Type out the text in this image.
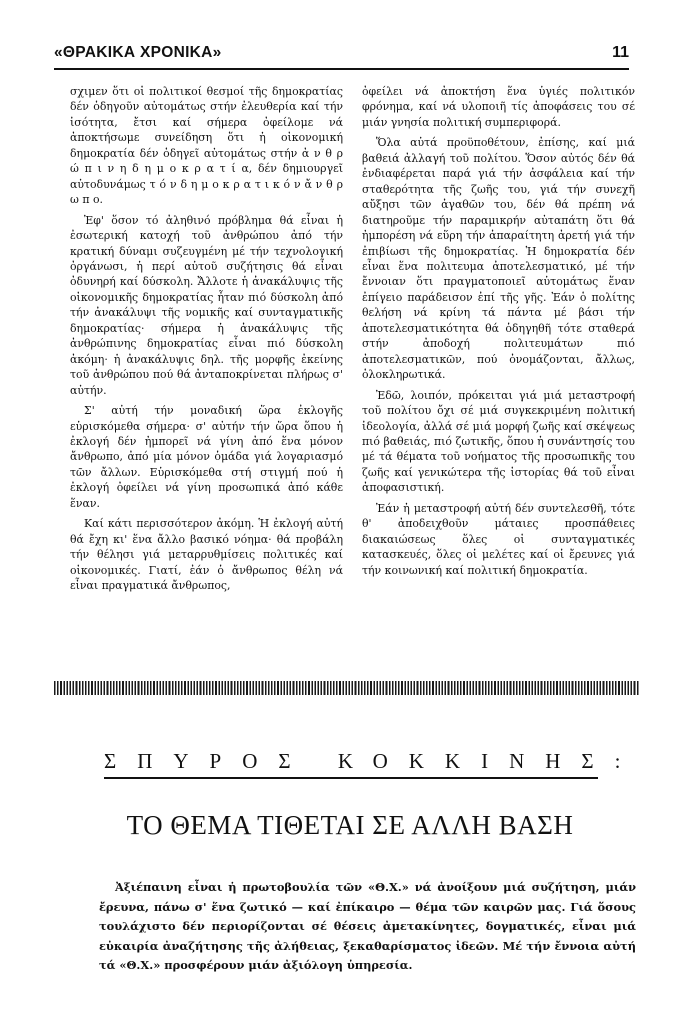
«ΘΡΑΚΙΚΑ ΧΡΟΝΙΚΑ»	11

σχιμεν ὅτι οἱ πολιτικοί θεσμοί τῆς δημοκρατίας δέν ὁδηγοῦν αὐτομάτως στήν ἐλευθερία καί τήν ἰσότητα, ἔτσι καί σήμερα ὀφείλομε νά ἀποκτήσωμε συνείδηση ὅτι ἡ οἰκονομική δημοκρατία δέν ὁδηγεῖ αὐτομάτως στήν ἀ ν θ ρ ώ π ι ν η δ η μ ο κ ρ α τ ί α, δέν δημιουργεῖ αὐτοδυνάμως τ ό ν δ η μ ο κ ρ α τ ι κ ό ν ἄ ν θ ρ ω π ο.

Ἐφ' ὅσον τό ἀληθινό πρόβλημα θά εἶναι ἡ ἐσωτερική κατοχή τοῦ ἀνθρώπου ἀπό τήν κρατική δύναμι συζευγμένη μέ τήν τεχνολογική ὀργάνωσι, ἡ περί αὐτοῦ συζήτησις θά εἶναι ὀδυνηρή καί δύσκολη. Ἄλλοτε ἡ ἀνακάλυψις τῆς οἰκονομικῆς δημοκρατίας ἦταν πιό δύσκολη ἀπό τήν ἀνακάλυψι τῆς νομικῆς καί συνταγματικῆς δημοκρατίας· σήμερα ἡ ἀνακάλυψις τῆς ἀνθρώπινης δημοκρατίας εἶναι πιό δύσκολη ἀκόμη· ἡ ἀνακάλυψις δηλ. τῆς μορφῆς ἐκείνης τοῦ ἀνθρώπου πού θά ἀνταποκρίνεται πλήρως σ' αὐτήν.

Σ' αὐτή τήν μοναδική ὥρα ἐκλογῆς εὑρισκόμεθα σήμερα· σ' αὐτήν τήν ὥρα ὅπου ἡ ἐκλογή δέν ἠμπορεῖ νά γίνη ἀπό ἕνα μόνον ἄνθρωπο, ἀπό μία μόνον ὁμάδα γιά λογαριασμό τῶν ἄλλων. Εὑρισκόμεθα στή στιγμή πού ἡ ἐκλογή ὀφείλει νά γίνη προσωπικά ἀπό κάθε ἕναν.

Καί κάτι περισσότερον ἀκόμη. Ἡ ἐκλογή αὐτή θά ἔχη κι' ἕνα ἄλλο βασικό νόημα· θά προβάλη τήν θέλησι γιά μεταρρυθμίσεις πολιτικές καί οἰκονομικές. Γιατί, ἐάν ὁ ἄνθρωπος θέλη νά εἶναι πραγματικά ἄνθρωπος,

ὀφείλει νά ἀποκτήση ἕνα ὑγιές πολιτικόν φρόνημα, καί νά υλοποιῆ τίς ἀποφάσεις του σέ μιάν γνησία πολιτική συμπεριφορά.

Ὅλα αὐτά προϋποθέτουν, ἐπίσης, καί μιά βαθειά ἀλλαγή τοῦ πολίτου. Ὅσον αὐτός δέν θά ἐνδιαφέρεται παρά γιά τήν ἀσφάλεια καί τήν σταθερότητα τῆς ζωῆς του, γιά τήν συνεχῆ αὔξησι τῶν ἀγαθῶν του, δέν θά πρέπη νά διατηροῦμε τήν παραμικρήν αὐταπάτη ὅτι θά ἠμπορέση νά εὕρη τήν ἀπαραίτητη ἀρετή γιά τήν ἐπιβίωσι τῆς δημοκρατίας. Ἡ δημοκρατία δέν εἶναι ἕνα πολιτευμα ἀποτελεσματικό, μέ τήν ἔννοιαν ὅτι πραγματοποιεῖ αὐτομάτως ἕναν ἐπίγειο παράδεισον ἐπί τῆς γῆς. Ἐάν ὁ πολίτης θελήση νά κρίνη τά πάντα μέ βάσι τήν ἀποτελεσματικότητα θά ὁδηγηθῆ τότε σταθερά στήν ἀποδοχή πολιτευμάτων πιό ἀποτελεσματικῶν, πού ὀνομάζονται, ἄλλως, ὁλοκληρωτικά.

Ἐδῶ, λοιπόν, πρόκειται γιά μιά μεταστροφή τοῦ πολίτου ὄχι σέ μιά συγκεκριμένη πολιτική ἰδεολογία, ἀλλά σέ μιά μορφή ζωῆς καί σκέψεως πιό βαθειάς, πιό ζωτικῆς, ὅπου ἡ συνάντησίς του μέ τά θέματα τοῦ νοήματος τῆς προσωπικῆς του ζωῆς καί γενικώτερα τῆς ἱστορίας θά τοῦ εἶναι ἀποφασιστική.

Ἐάν ἡ μεταστροφή αὐτή δέν συντελεσθῆ, τότε θ' ἀποδειχθοῦν μάταιες προσπάθειες διακαιώσεως ὅλες οἱ συνταγματικές κατασκευές, ὅλες οἱ μελέτες καί οἱ ἔρευνες γιά τήν κοινωνική καί πολιτική δημοκρατία.

ΣΠΥΡΟΣ ΚΟΚΚΙΝΗΣ:
ΤΟ ΘΕΜΑ ΤΙΘΕΤΑΙ ΣΕ ΑΛΛΗ ΒΑΣΗ
Ἀξιέπαινη εἶναι ἡ πρωτοβουλία τῶν «Θ.Χ.» νά ἀνοίξουν μιά συζήτηση, μιάν ἔρευνα, πάνω σ' ἕνα ζωτικό — καί ἐπίκαιρο — θέμα τῶν καιρῶν μας. Γιά ὅσους τουλάχιστο δέν περιορίζονται σέ θέσεις ἀμετακίνητες, δογματικές, εἶναι μιά εὐκαιρία ἀναζήτησης τῆς ἀλήθειας, ξεκαθαρίσματος ἰδεῶν. Μέ τήν ἔννοια αὐτή τά «Θ.Χ.» προσφέρουν μιάν ἀξιόλογη ὑπηρεσία.
